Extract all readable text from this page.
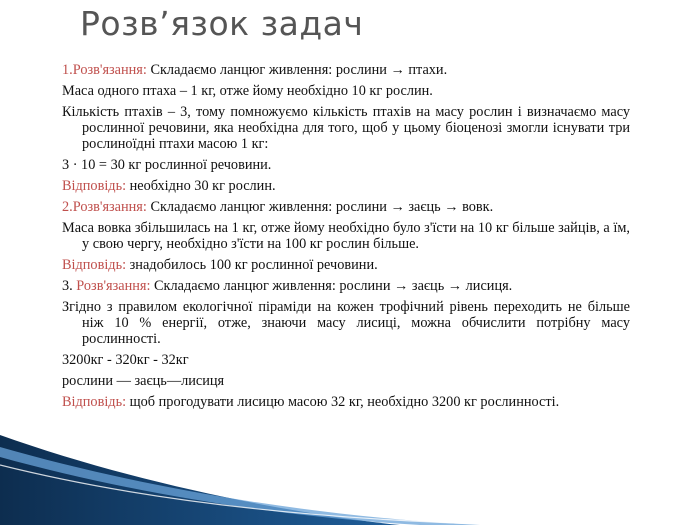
Розв’язок задач

1.Розв'язання: Складаємо ланцюг живлення: рослини → птахи.

Маса одного птаха – 1 кг, отже йому необхідно 10 кг рослин.

Кількість птахів – 3, тому помножуємо кількість птахів на масу рослин і визначаємо масу рослинної речовини, яка необхідна для того, щоб у цьому біоценозі змогли існувати три рослиноїдні птахи масою 1 кг:

3 · 10 = 30 кг рослинної речовини.

Відповідь: необхідно 30 кг рослин.

2.Розв'язання: Складаємо ланцюг живлення: рослини → заєць → вовк.

Маса вовка збільшилась на 1 кг, отже йому необхідно було з'їсти на 10 кг більше зайців, а їм, у свою чергу, необхідно з'їсти на 100 кг рослин більше.

Відповідь: знадобилось 100 кг рослинної речовини.

3. Розв'язання: Складаємо ланцюг живлення: рослини → заєць → лисиця.

Згідно з правилом екологічної піраміди на кожен трофічний рівень переходить не більше ніж 10 % енергії, отже, знаючи масу лисиці, можна обчислити потрібну масу рослинності.

3200кг - 320кг - 32кг

рослини — заєць—лисиця

Відповідь: щоб прогодувати лисицю масою 32 кг, необхідно 3200 кг рослинності.
